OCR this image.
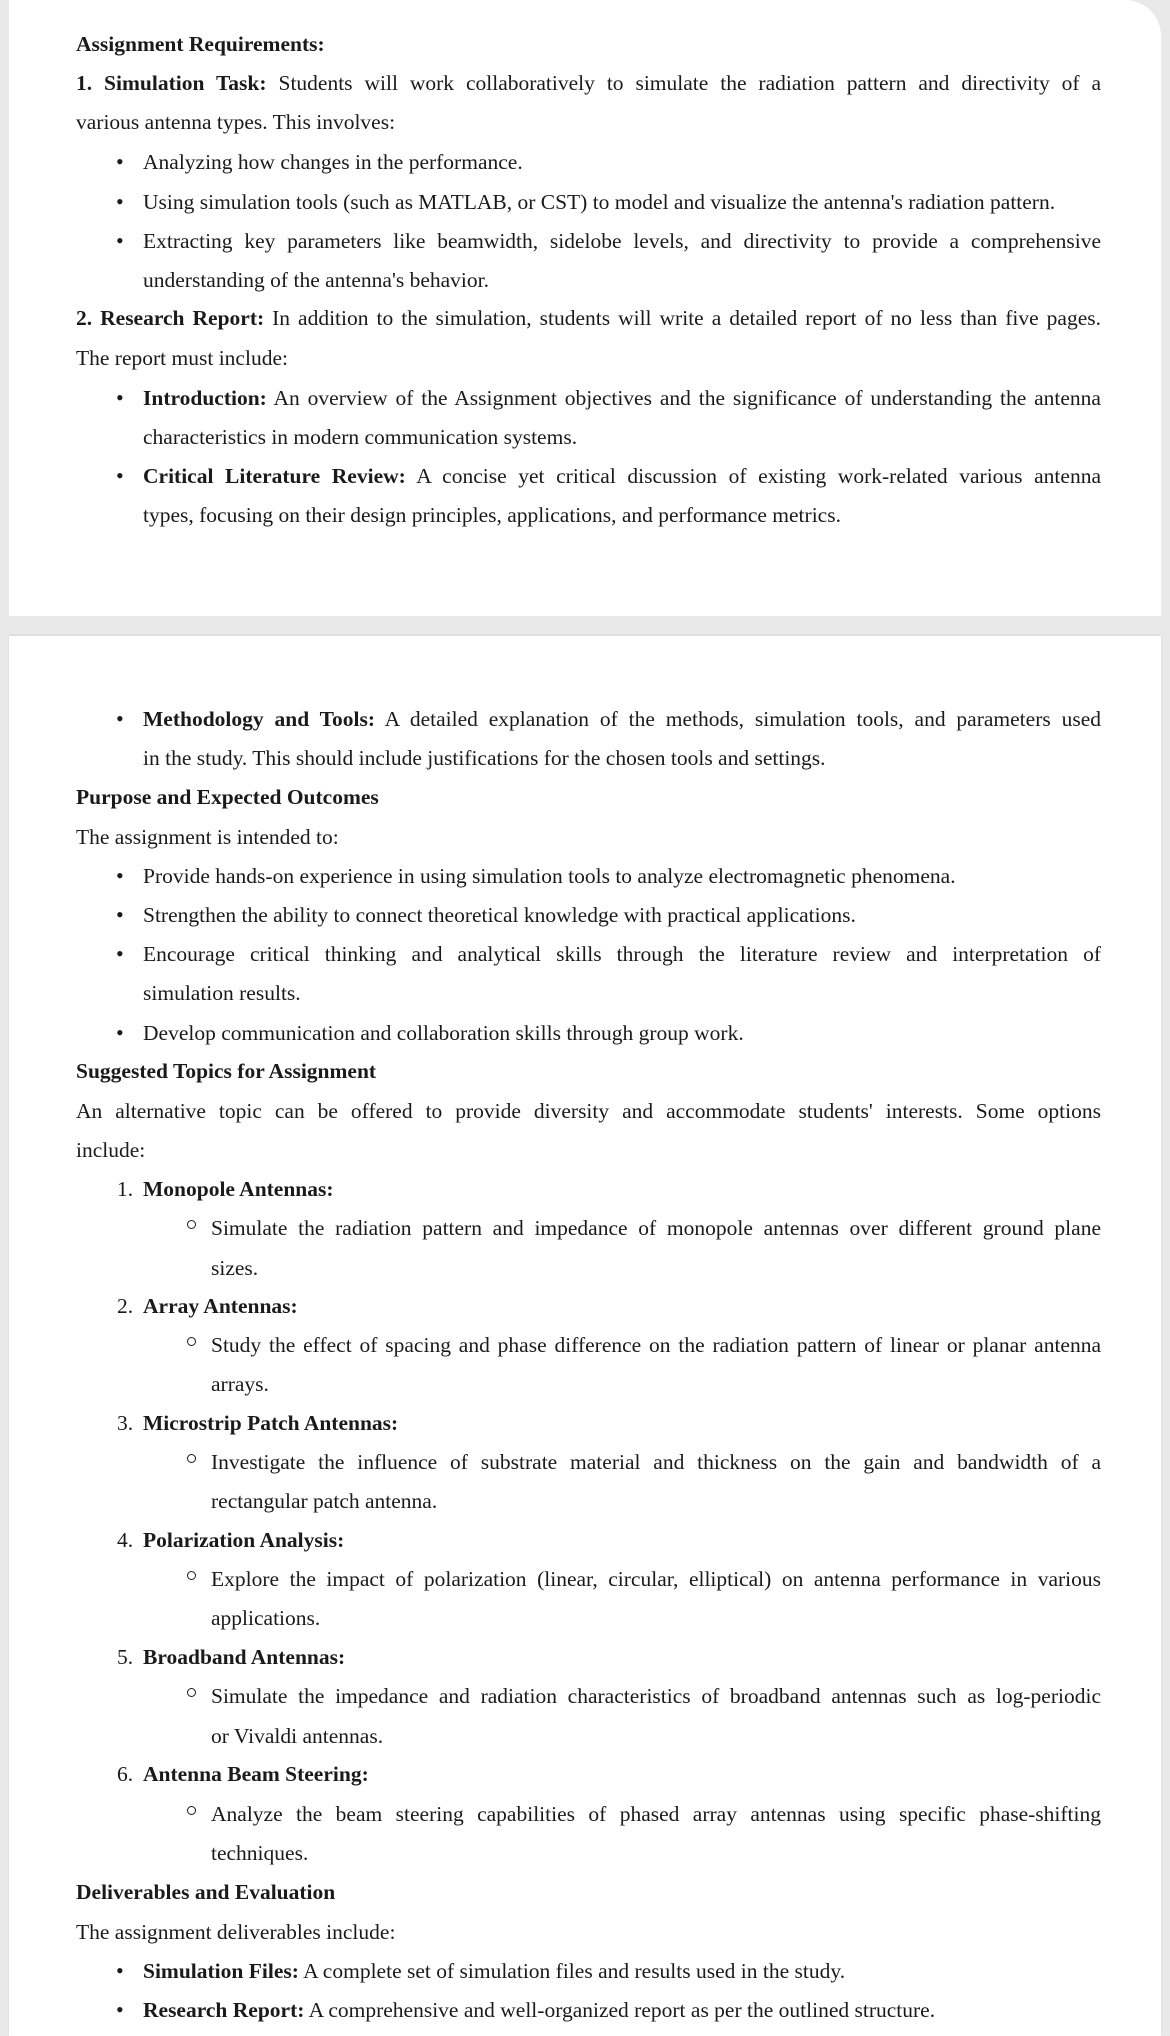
Assignment Requirements:
1. Simulation Task: Students will work collaboratively to simulate the radiation pattern and directivity of a
various antenna types. This involves:
• Analyzing how changes in the performance.
• Using simulation tools (such as MATLAB, or CST) to model and visualize the antenna's radiation pattern.
• Extracting key parameters like beamwidth, sidelobe levels, and directivity to provide a comprehensive
understanding of the antenna's behavior.
2. Research Report: In addition to the simulation, students will write a detailed report of no less than five pages.
The report must include:
• Introduction: An overview of the Assignment objectives and the significance of understanding the antenna
characteristics in modern communication systems.
• Critical Literature Review: A concise yet critical discussion of existing work-related various antenna
types, focusing on their design principles, applications, and performance metrics.
• Methodology and Tools: A detailed explanation of the methods, simulation tools, and parameters used
in the study. This should include justifications for the chosen tools and settings.
Purpose and Expected Outcomes
The assignment is intended to:
• Provide hands-on experience in using simulation tools to analyze electromagnetic phenomena.
• Strengthen the ability to connect theoretical knowledge with practical applications.
• Encourage critical thinking and analytical skills through the literature review and interpretation of
simulation results.
• Develop communication and collaboration skills through group work.
Suggested Topics for Assignment
An alternative topic can be offered to provide diversity and accommodate students' interests. Some options
include:
1. Monopole Antennas:
Simulate the radiation pattern and impedance of monopole antennas over different ground plane
sizes.
2. Array Antennas:
Study the effect of spacing and phase difference on the radiation pattern of linear or planar antenna
arrays.
3. Microstrip Patch Antennas:
Investigate the influence of substrate material and thickness on the gain and bandwidth of a
rectangular patch antenna.
4. Polarization Analysis:
Explore the impact of polarization (linear, circular, elliptical) on antenna performance in various
applications.
5. Broadband Antennas:
Simulate the impedance and radiation characteristics of broadband antennas such as log-periodic
or Vivaldi antennas.
6. Antenna Beam Steering:
Analyze the beam steering capabilities of phased array antennas using specific phase-shifting
techniques.
Deliverables and Evaluation
The assignment deliverables include:
• Simulation Files: A complete set of simulation files and results used in the study.
• Research Report: A comprehensive and well-organized report as per the outlined structure.
